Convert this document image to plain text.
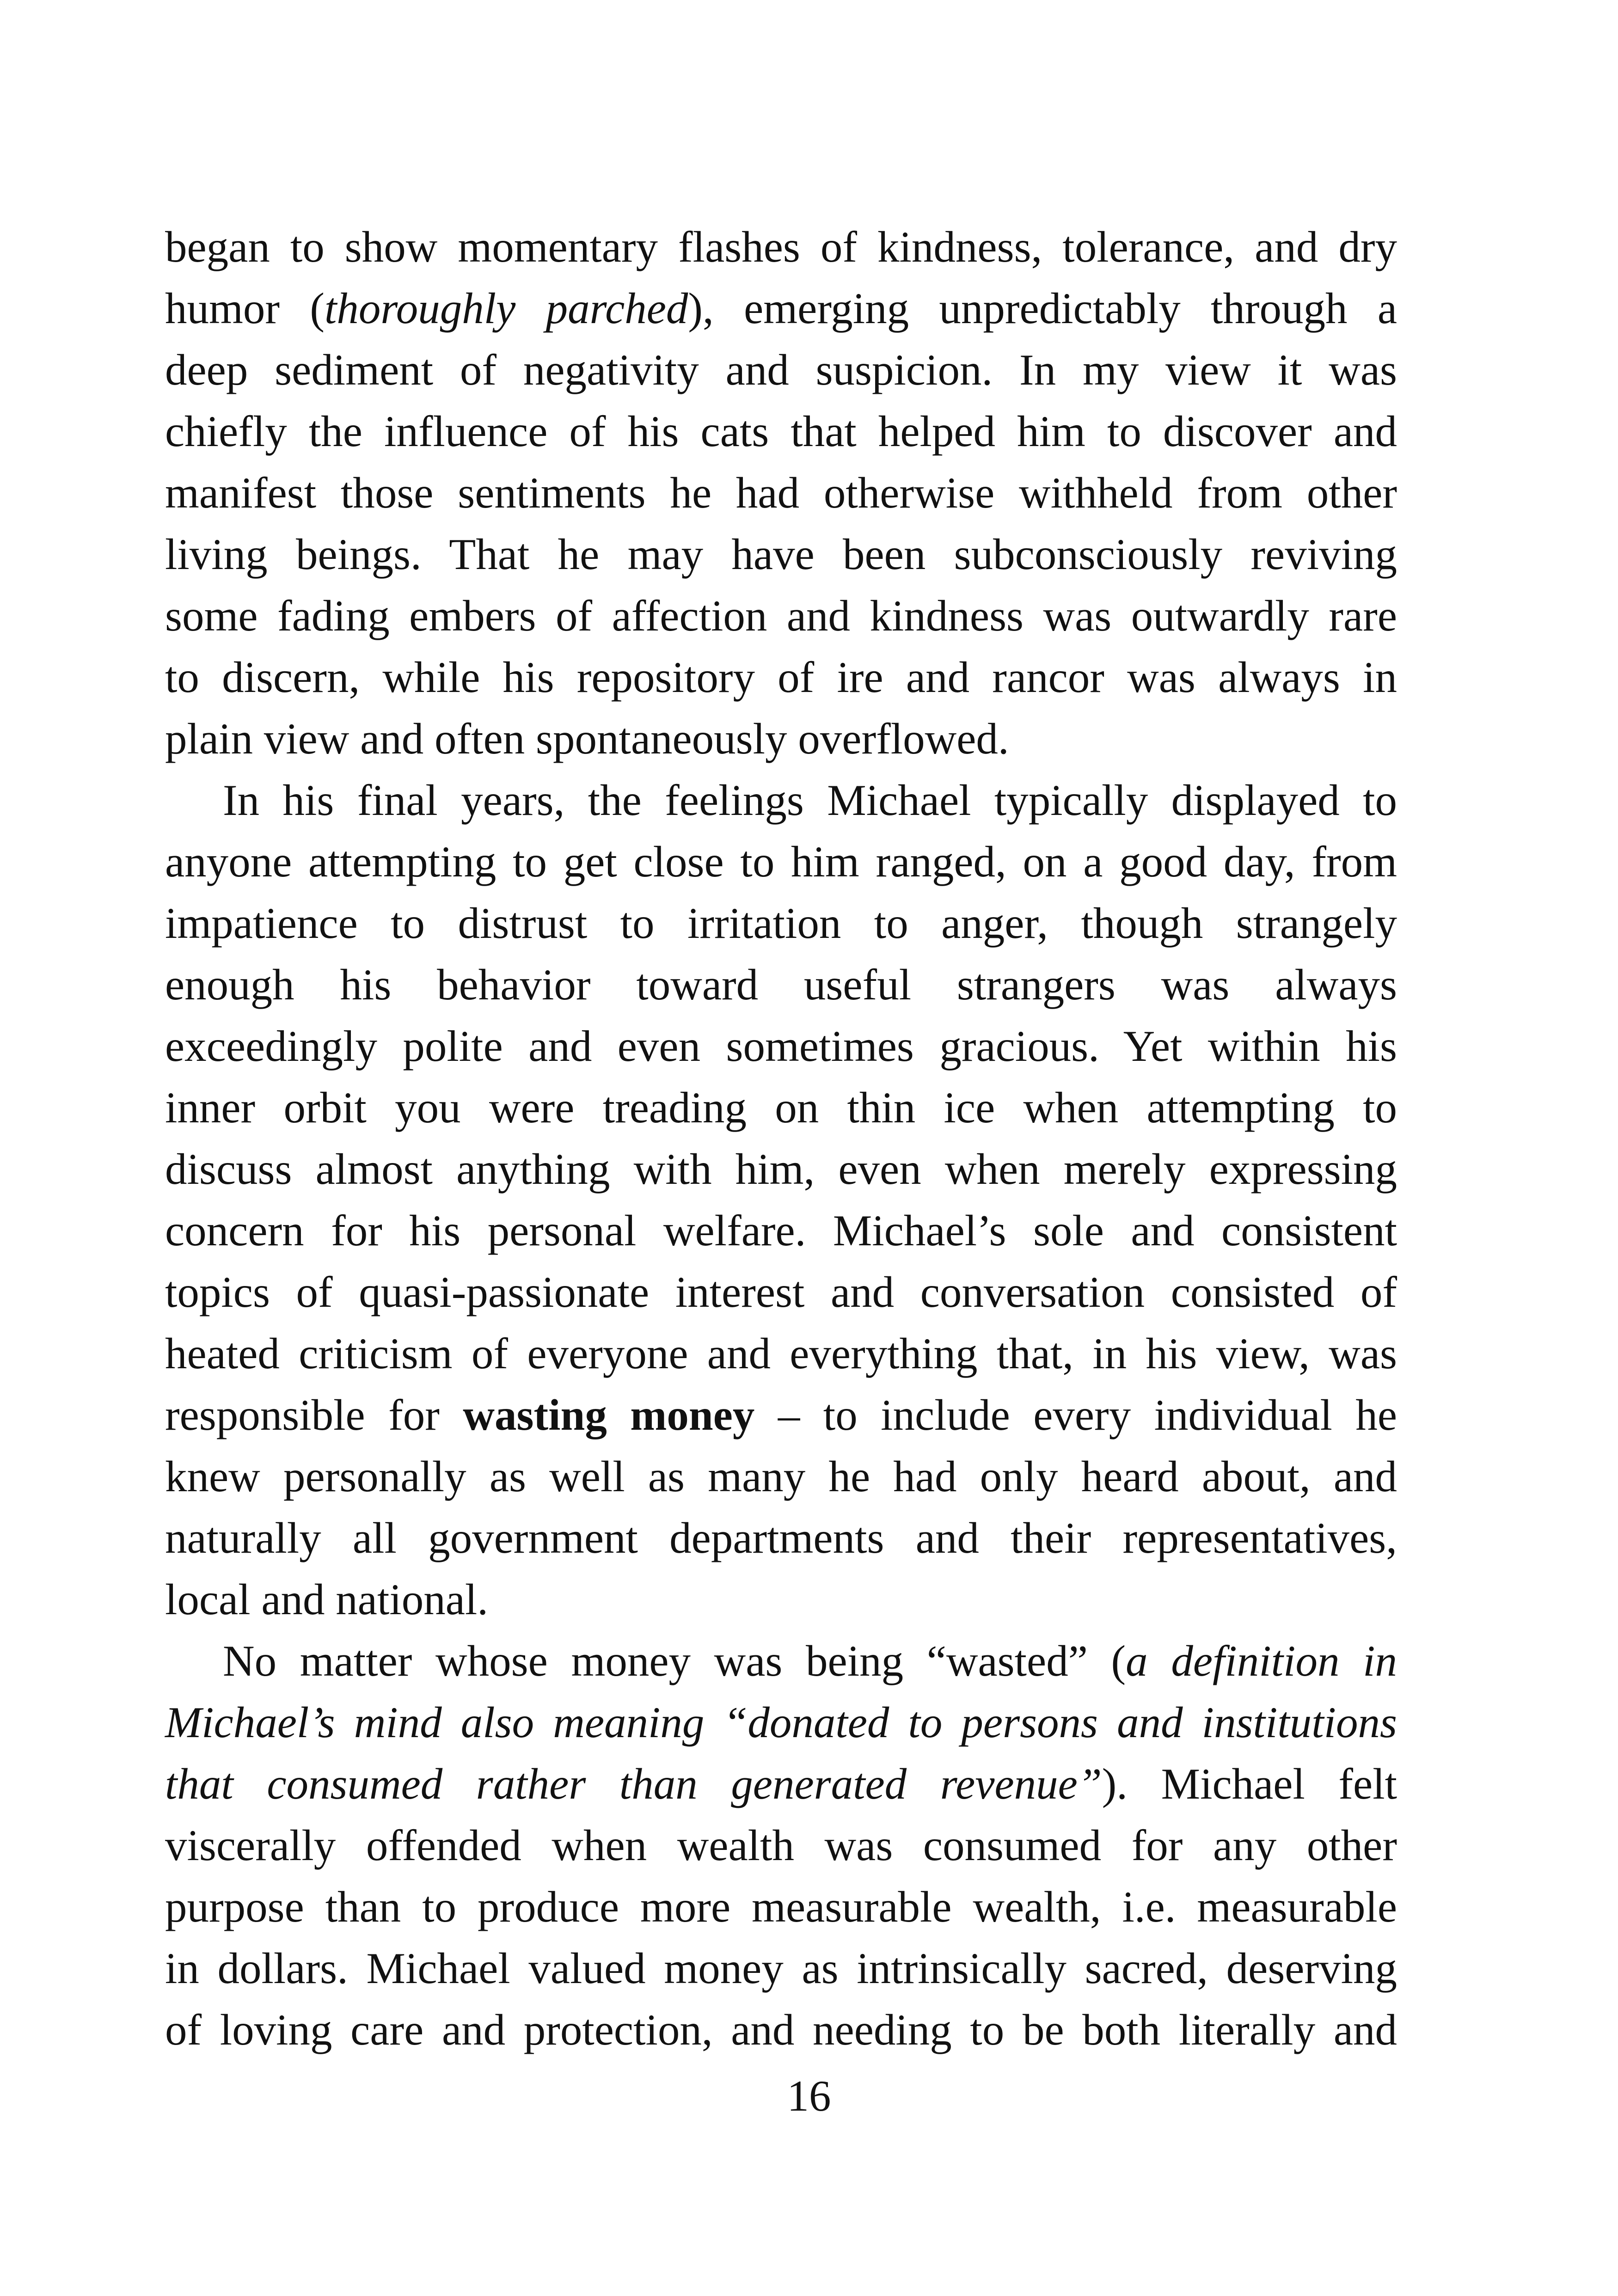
began to show momentary flashes of kindness, tolerance, and dry
humor (thoroughly parched), emerging unpredictably through a
deep sediment of negativity and suspicion. In my view it was
chiefly the influence of his cats that helped him to discover and
manifest those sentiments he had otherwise withheld from other
living beings. That he may have been subconsciously reviving
some fading embers of affection and kindness was outwardly rare
to discern, while his repository of ire and rancor was always in
plain view and often spontaneously overflowed.
In his final years, the feelings Michael typically displayed to
anyone attempting to get close to him ranged, on a good day, from
impatience to distrust to irritation to anger, though strangely
enough his behavior toward useful strangers was always
exceedingly polite and even sometimes gracious. Yet within his
inner orbit you were treading on thin ice when attempting to
discuss almost anything with him, even when merely expressing
concern for his personal welfare. Michael’s sole and consistent
topics of quasi-passionate interest and conversation consisted of
heated criticism of everyone and everything that, in his view, was
responsible for wasting money – to include every individual he
knew personally as well as many he had only heard about, and
naturally all government departments and their representatives,
local and national.
No matter whose money was being “wasted” (a definition in
Michael’s mind also meaning “donated to persons and institutions
that consumed rather than generated revenue”). Michael felt
viscerally offended when wealth was consumed for any other
purpose than to produce more measurable wealth, i.e. measurable
in dollars. Michael valued money as intrinsically sacred, deserving
of loving care and protection, and needing to be both literally and
16
